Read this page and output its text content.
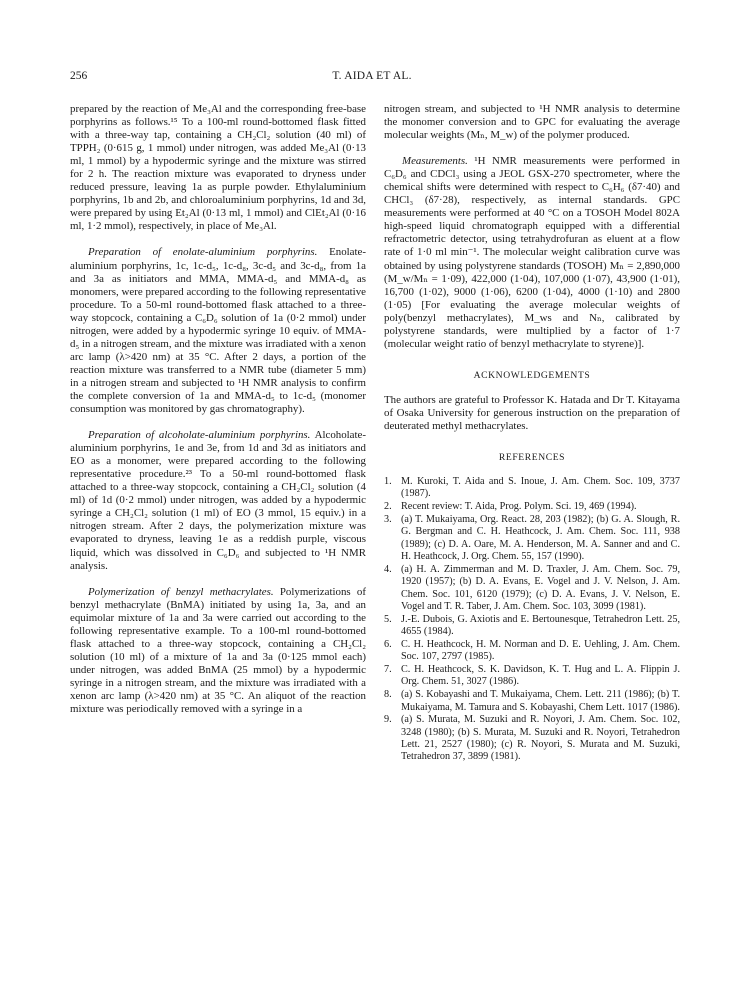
256	T. AIDA ET AL.

prepared by the reaction of Me₃Al and the corresponding free-base porphyrins as follows.¹⁵ To a 100-ml round-bottomed flask fitted with a three-way tap, containing a CH₂Cl₂ solution (40 ml) of TPPH₂ (0·615 g, 1 mmol) under nitrogen, was added Me₃Al (0·13 ml, 1 mmol) by a hypodermic syringe and the mixture was stirred for 2 h. The reaction mixture was evaporated to dryness under reduced pressure, leaving 1a as purple powder. Ethylaluminium porphyrins, 1b and 2b, and chloroaluminium porphyrins, 1d and 3d, were prepared by using Et₂Al (0·13 ml, 1 mmol) and ClEt₂Al (0·16 ml, 1·2 mmol), respectively, in place of Me₃Al.

Preparation of enolate-aluminium porphyrins. Enolate-aluminium porphyrins, 1c, 1c-d₅, 1c-d₈, 3c-d₅ and 3c-d₈, from 1a and 3a as initiators and MMA, MMA-d₅ and MMA-d₈ as monomers, were prepared according to the following representative procedure. To a 50-ml round-bottomed flask attached to a three-way stopcock, containing a C₆D₆ solution of 1a (0·2 mmol) under nitrogen, were added by a hypodermic syringe 10 equiv. of MMA-d₅ in a nitrogen stream, and the mixture was irradiated with a xenon arc lamp (λ>420 nm) at 35 °C. After 2 days, a portion of the reaction mixture was transferred to a NMR tube (diameter 5 mm) in a nitrogen stream and subjected to ¹H NMR analysis to confirm the complete conversion of 1a and MMA-d₅ to 1c-d₅ (monomer consumption was monitored by gas chromatography).

Preparation of alcoholate-aluminium porphyrins. Alcoholate-aluminium porphyrins, 1e and 3e, from 1d and 3d as initiators and EO as a monomer, were prepared according to the following representative procedure.²³ To a 50-ml round-bottomed flask attached to a three-way stopcock, containing a CH₂Cl₂ solution (4 ml) of 1d (0·2 mmol) under nitrogen, was added by a hypodermic syringe a CH₂Cl₂ solution (1 ml) of EO (3 mmol, 15 equiv.) in a nitrogen stream. After 2 days, the polymerization mixture was evaporated to dryness, leaving 1e as a reddish purple, viscous liquid, which was dissolved in C₆D₆ and subjected to ¹H NMR analysis.

Polymerization of benzyl methacrylates. Polymerizations of benzyl methacrylate (BnMA) initiated by using 1a, 3a, and an equimolar mixture of 1a and 3a were carried out according to the following representative example. To a 100-ml round-bottomed flask attached to a three-way stopcock, containing a CH₂Cl₂ solution (10 ml) of a mixture of 1a and 3a (0·125 mmol each) under nitrogen, was added BnMA (25 mmol) by a hypodermic syringe in a nitrogen stream, and the mixture was irradiated with a xenon arc lamp (λ>420 nm) at 35 °C. An aliquot of the reaction mixture was periodically removed with a syringe in a

nitrogen stream, and subjected to ¹H NMR analysis to determine the monomer conversion and to GPC for evaluating the average molecular weights (Mₙ, M_w) of the polymer produced.

Measurements. ¹H NMR measurements were performed in C₆D₆ and CDCl₃ using a JEOL GSX-270 spectrometer, where the chemical shifts were determined with respect to C₆H₆ (δ7·40) and CHCl₃ (δ7·28), respectively, as internal standards. GPC measurements were performed at 40 °C on a TOSOH Model 802A high-speed liquid chromatograph equipped with a differential refractometric detector, using tetrahydrofuran as eluent at a flow rate of 1·0 ml min⁻¹. The molecular weight calibration curve was obtained by using polystyrene standards (TOSOH) Mₙ = 2,890,000 (M_w/Mₙ = 1·09), 422,000 (1·04), 107,000 (1·07), 43,900 (1·01), 16,700 (1·02), 9000 (1·06), 6200 (1·04), 4000 (1·10) and 2800 (1·05) [For evaluating the average molecular weights of poly(benzyl methacrylates), M_ws and Nₙ, calibrated by polystyrene standards, were multiplied by a factor of 1·7 (molecular weight ratio of benzyl methacrylate to styrene)].

ACKNOWLEDGEMENTS

The authors are grateful to Professor K. Hatada and Dr T. Kitayama of Osaka University for generous instruction on the preparation of deuterated methyl methacrylates.

REFERENCES
1. M. Kuroki, T. Aida and S. Inoue, J. Am. Chem. Soc. 109, 3737 (1987).
2. Recent review: T. Aida, Prog. Polym. Sci. 19, 469 (1994).
3. (a) T. Mukaiyama, Org. React. 28, 203 (1982); (b) G. A. Slough, R. G. Bergman and C. H. Heathcock, J. Am. Chem. Soc. 111, 938 (1989); (c) D. A. Oare, M. A. Henderson, M. A. Sanner and and C. H. Heathcock, J. Org. Chem. 55, 157 (1990).
4. (a) H. A. Zimmerman and M. D. Traxler, J. Am. Chem. Soc. 79, 1920 (1957); (b) D. A. Evans, E. Vogel and J. V. Nelson, J. Am. Chem. Soc. 101, 6120 (1979); (c) D. A. Evans, J. V. Nelson, E. Vogel and T. R. Taber, J. Am. Chem. Soc. 103, 3099 (1981).
5. J.-E. Dubois, G. Axiotis and E. Bertounesque, Tetrahedron Lett. 25, 4655 (1984).
6. C. H. Heathcock, H. M. Norman and D. E. Uehling, J. Am. Chem. Soc. 107, 2797 (1985).
7. C. H. Heathcock, S. K. Davidson, K. T. Hug and L. A. Flippin J. Org. Chem. 51, 3027 (1986).
8. (a) S. Kobayashi and T. Mukaiyama, Chem. Lett. 211 (1986); (b) T. Mukaiyama, M. Tamura and S. Kobayashi, Chem Lett. 1017 (1986).
9. (a) S. Murata, M. Suzuki and R. Noyori, J. Am. Chem. Soc. 102, 3248 (1980); (b) S. Murata, M. Suzuki and R. Noyori, Tetrahedron Lett. 21, 2527 (1980); (c) R. Noyori, S. Murata and M. Suzuki, Tetrahedron 37, 3899 (1981).
